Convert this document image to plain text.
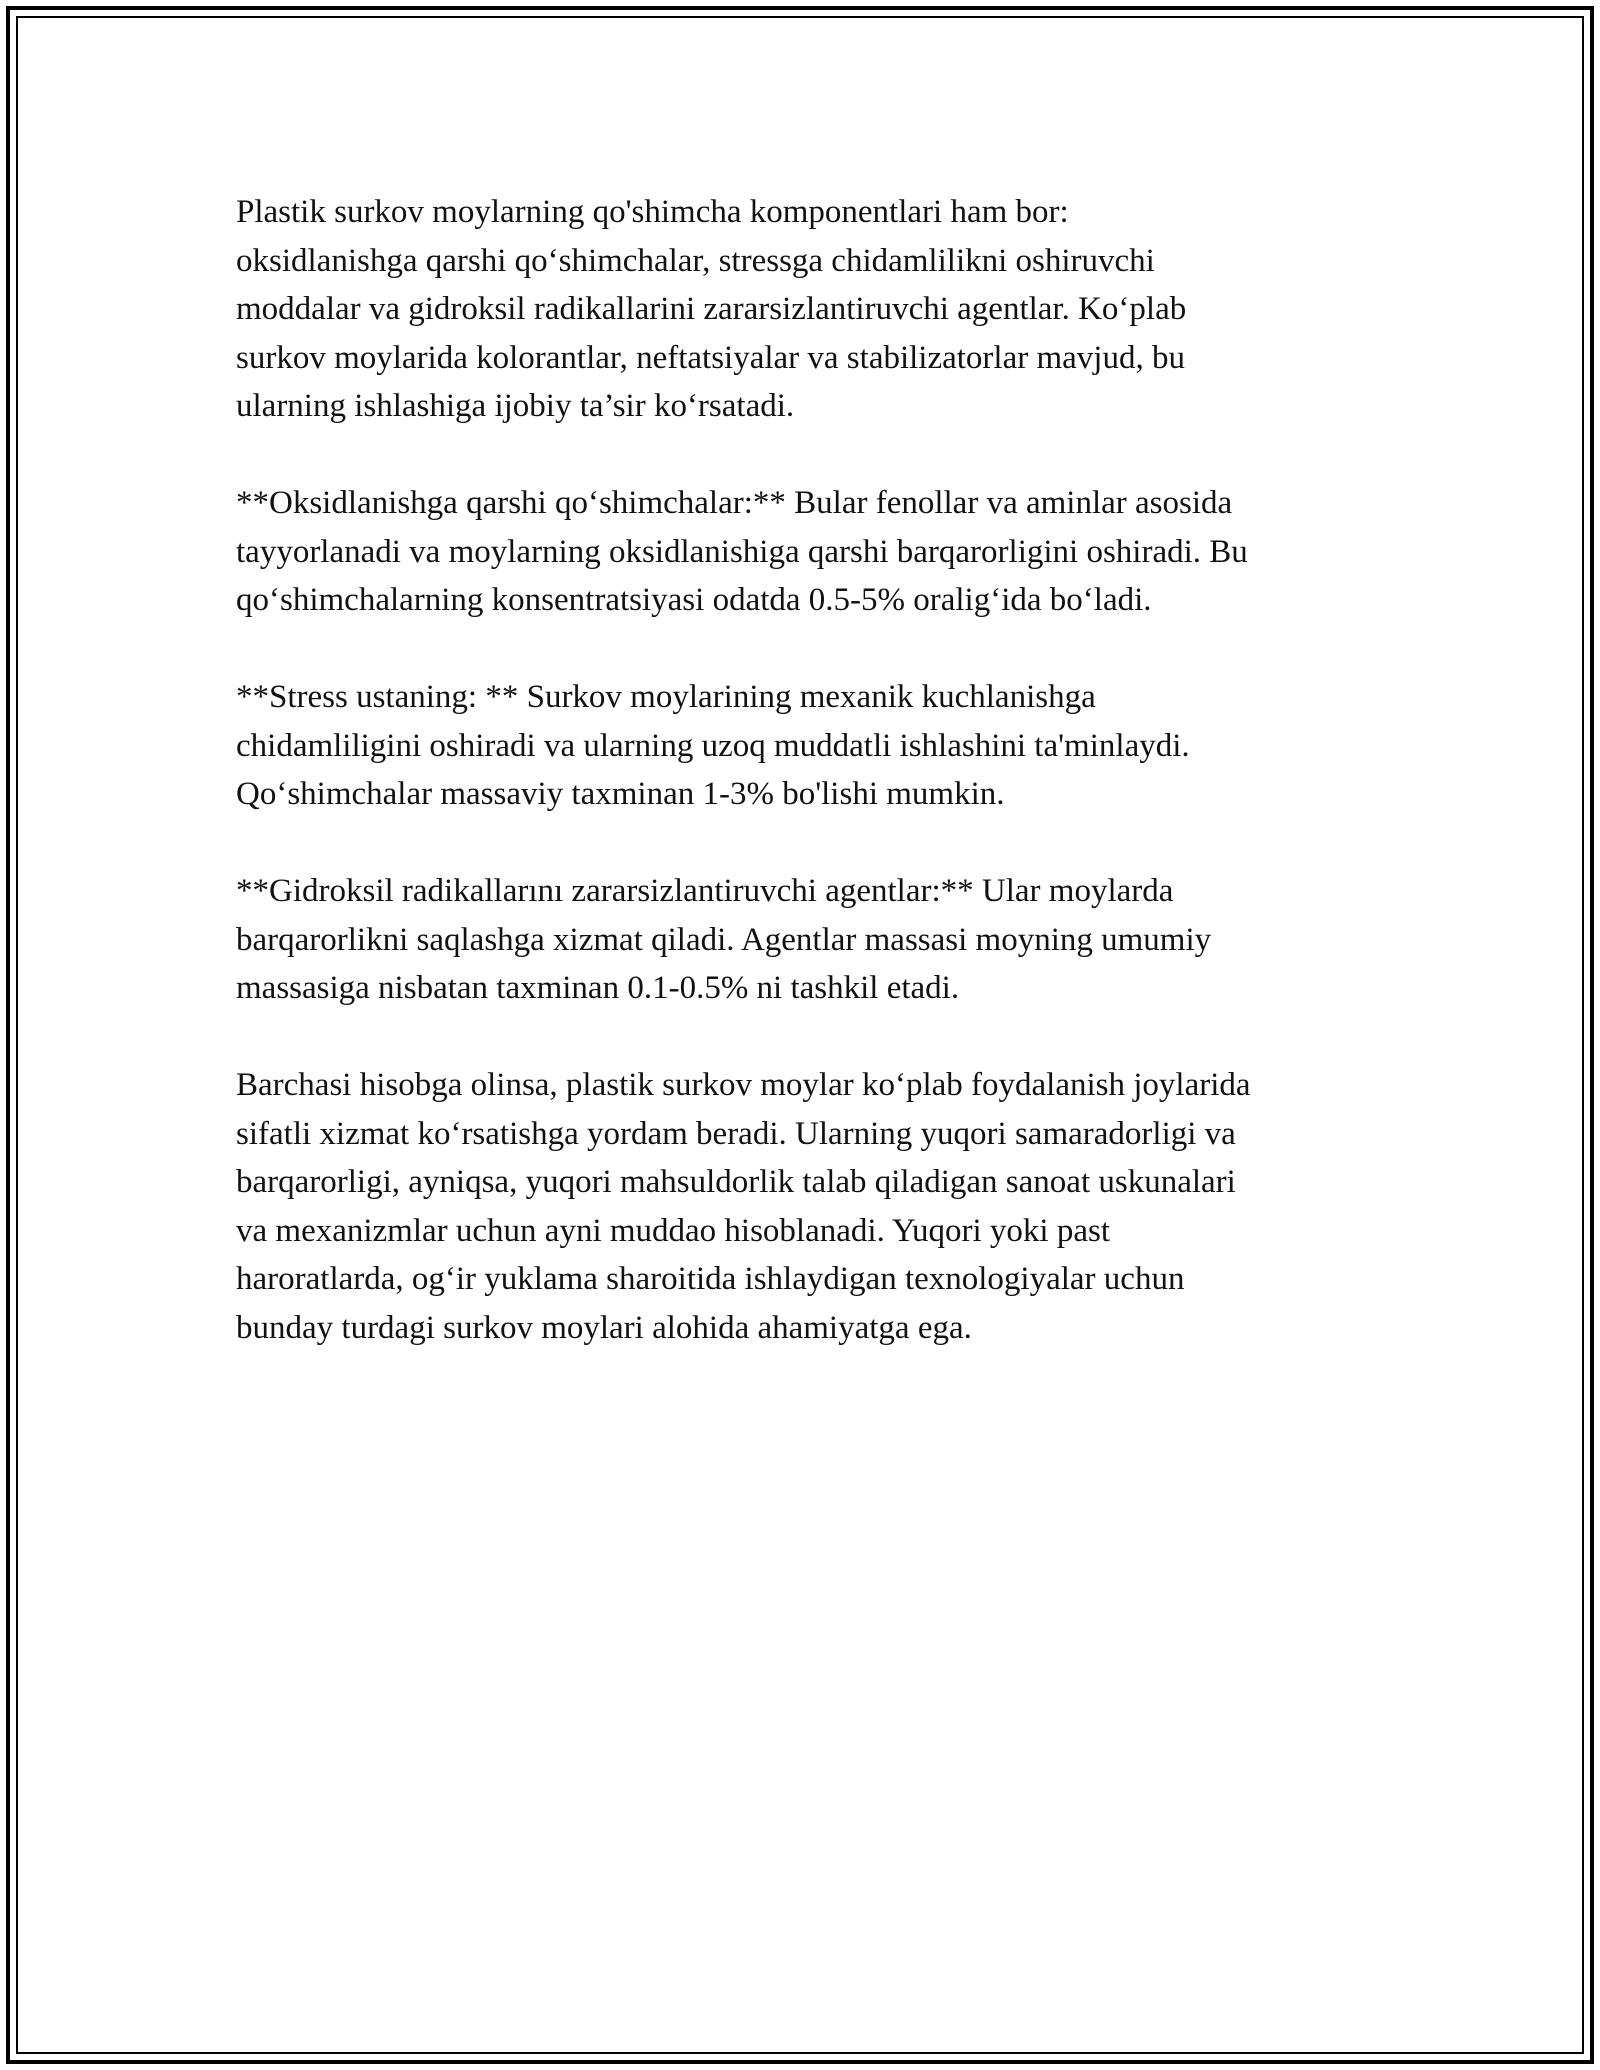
Plastik surkov moylarning qo'shimcha komponentlari ham bor:
oksidlanishga qarshi qo‘shimchalar, stressga chidamlilikni oshiruvchi
moddalar va gidroksil radikallarini zararsizlantiruvchi agentlar. Ko‘plab
surkov moylarida kolorantlar, neftatsiyalar va stabilizatorlar mavjud, bu
ularning ishlashiga ijobiy ta’sir ko‘rsatadi.

**Oksidlanishga qarshi qo‘shimchalar:** Bular fenollar va aminlar asosida
tayyorlanadi va moylarning oksidlanishiga qarshi barqarorligini oshiradi. Bu
qo‘shimchalarning konsentratsiyasi odatda 0.5-5% oralig‘ida bo‘ladi.

**Stress ustaning: ** Surkov moylarining mexanik kuchlanishga
chidamliligini oshiradi va ularning uzoq muddatli ishlashini ta'minlaydi.
Qo‘shimchalar massaviy taxminan 1-3% bo'lishi mumkin.

**Gidroksil radikallarını zararsizlantiruvchi agentlar:** Ular moylarda
barqarorlikni saqlashga xizmat qiladi. Agentlar massasi moyning umumiy
massasiga nisbatan taxminan 0.1-0.5% ni tashkil etadi.

Barchasi hisobga olinsa, plastik surkov moylar ko‘plab foydalanish joylarida
sifatli xizmat ko‘rsatishga yordam beradi. Ularning yuqori samaradorligi va
barqarorligi, ayniqsa, yuqori mahsuldorlik talab qiladigan sanoat uskunalari
va mexanizmlar uchun ayni muddao hisoblanadi. Yuqori yoki past
haroratlarda, og‘ir yuklama sharoitida ishlaydigan texnologiyalar uchun
bunday turdagi surkov moylari alohida ahamiyatga ega.
